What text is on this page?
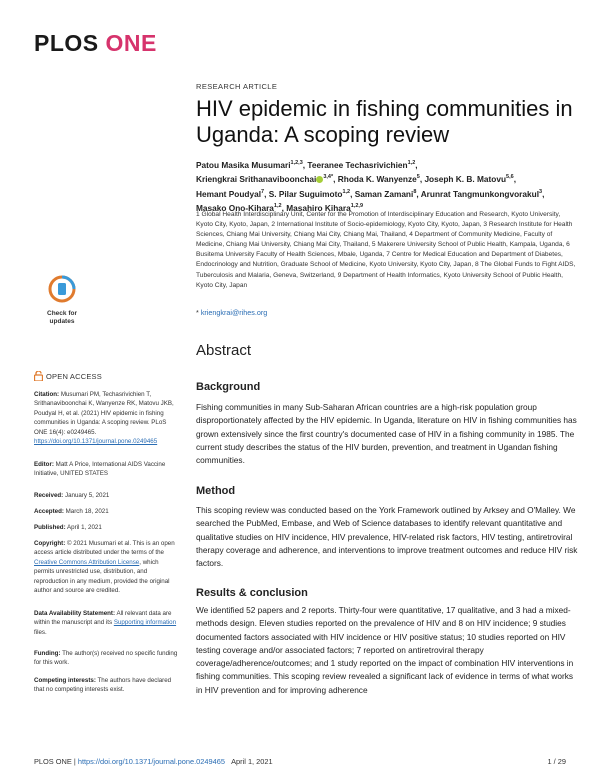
PLOS ONE
RESEARCH ARTICLE
HIV epidemic in fishing communities in Uganda: A scoping review

Patou Masika Musumari$^{1,2,3}$, Teeranee Techasrivichien$^{1,2}$,
Kriengkrai Srithanaviboonchai $^{3,4*}$, Rhoda K. Wanyenze$^5$, Joseph K. B. Matovu$^{5,6}$,
Hemant Poudyal$^7$, S. Pilar Suguimoto$^{1,2}$, Saman Zamani$^8$, Arunrat Tangmunkongvorakul$^3$,
Masako Ono-Kihara$^{1,2}$, Masahiro Kihara$^{1,2,9}$

1 Global Health Interdisciplinary Unit, Center for the Promotion of Interdisciplinary Education and Research, Kyoto University, Kyoto City, Kyoto, Japan, 2 International Institute of Socio-epidemiology, Kyoto City, Kyoto, Japan, 3 Research Institute for Health Sciences, Chiang Mai University, Chiang Mai City, Chiang Mai, Thailand, 4 Department of Community Medicine, Faculty of Medicine, Chiang Mai University, Chiang Mai City, Thailand, 5 Makerere University School of Public Health, Kampala, Uganda, 6 Busitema University Faculty of Health Sciences, Mbale, Uganda, 7 Centre for Medical Education and Department of Diabetes, Endocrinology and Nutrition, Graduate School of Medicine, Kyoto University, Kyoto City, Japan, 8 The Global Funds to Fight AIDS, Tuberculosis and Malaria, Geneva, Switzerland, 9 Department of Health Informatics, Kyoto University School of Public Health, Kyoto City, Japan

* kriengkrai@rihes.org
Abstract
Background

Fishing communities in many Sub-Saharan African countries are a high-risk population group disproportionately affected by the HIV epidemic. In Uganda, literature on HIV in fishing communities has grown extensively since the first country's documented case of HIV in a fishing community in 1985. The current study describes the status of the HIV burden, prevention, and treatment in Ugandan fishing communities.

Method

This scoping review was conducted based on the York Framework outlined by Arksey and O'Malley. We searched the PubMed, Embase, and Web of Science databases to identify relevant quantitative and qualitative studies on HIV incidence, HIV prevalence, HIV-related risk factors, HIV testing, antiretroviral therapy coverage and adherence, and interventions to improve treatment outcomes and reduce HIV risk factors.

Results & conclusion

We identified 52 papers and 2 reports. Thirty-four were quantitative, 17 qualitative, and 3 had a mixed-methods design. Eleven studies reported on the prevalence of HIV and 8 on HIV incidence; 9 studies documented factors associated with HIV incidence or HIV positive status; 10 studies reported on HIV testing coverage and/or associated factors; 7 reported on antiretroviral therapy coverage/adherence/outcomes; and 1 study reported on the impact of combination HIV interventions in fishing communities. This scoping review revealed a significant lack of evidence in terms of what works in HIV prevention and for improving adherence

Check for
updates
OPEN ACCESS

Citation: Musumari PM, Techasrivichien T, Srithanaviboonchai K, Wanyenze RK, Matovu JKB, Poudyal H, et al. (2021) HIV epidemic in fishing communities in Uganda: A scoping review. PLoS ONE 16(4): e0249465. https://doi.org/10.1371/journal.pone.0249465

Editor: Matt A Price, International AIDS Vaccine Initiative, UNITED STATES

Received: January 5, 2021

Accepted: March 18, 2021

Published: April 1, 2021

Copyright: © 2021 Musumari et al. This is an open access article distributed under the terms of the Creative Commons Attribution License, which permits unrestricted use, distribution, and reproduction in any medium, provided the original author and source are credited.

Data Availability Statement: All relevant data are within the manuscript and its Supporting information files.

Funding: The author(s) received no specific funding for this work.

Competing interests: The authors have declared that no competing interests exist.

PLOS ONE | https://doi.org/10.1371/journal.pone.0249465 April 1, 2021	1 / 29
